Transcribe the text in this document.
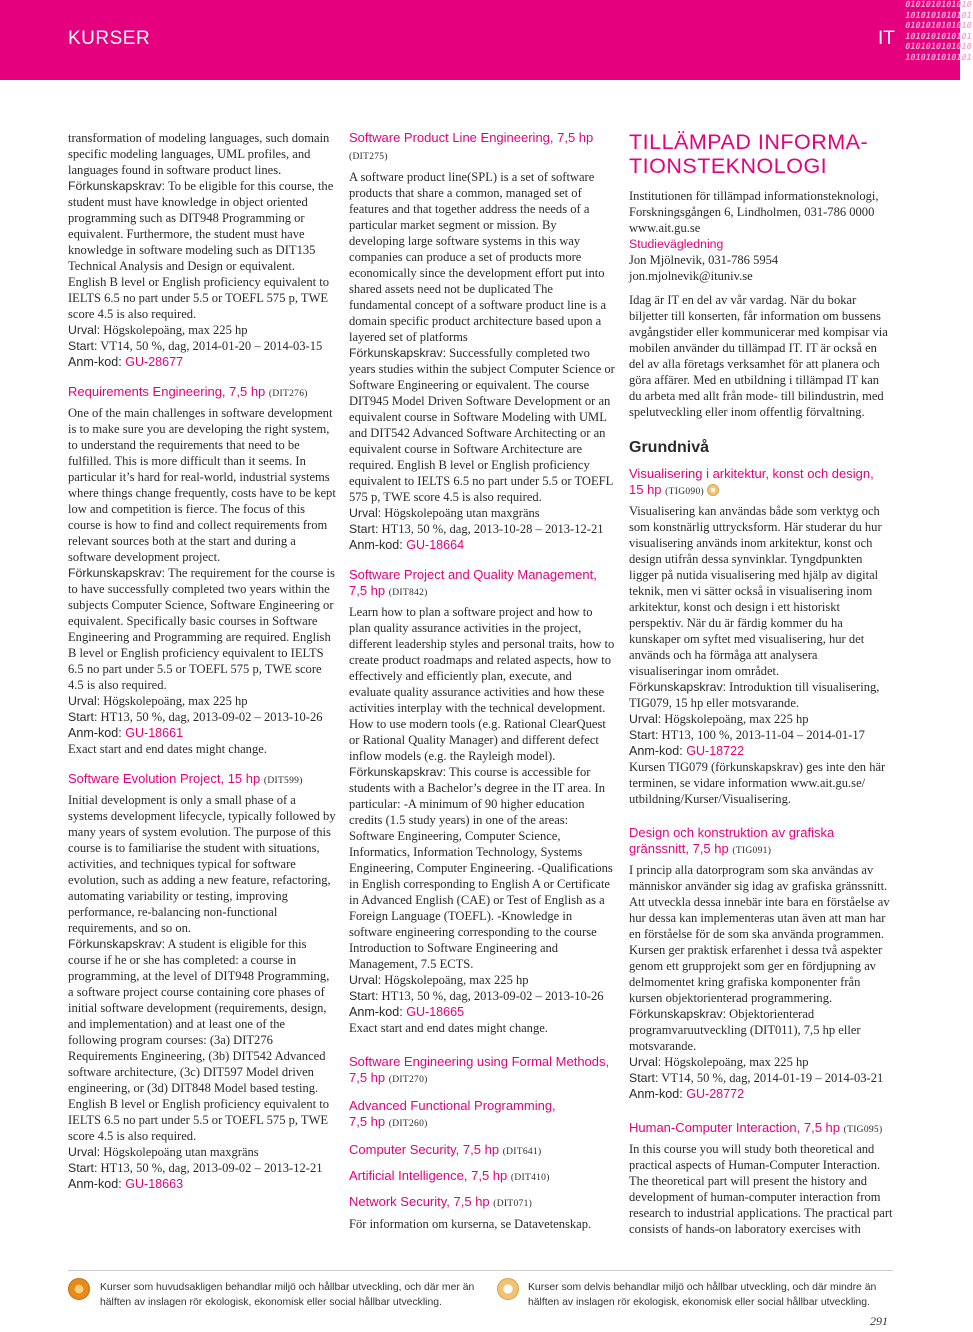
KURSER	IT
0101010101010
1010101010101
0101010101010
1010101010101
0101010101010
1010101010101

transformation of modeling languages, such domain specific modeling languages, UML profiles, and languages found in software product lines.

Förkunskapskrav: To be eligible for this course, the student must have knowledge in object oriented programming such as DIT948 Programming or equivalent. Furthermore, the student must have knowledge in software modeling such as DIT135 Technical Analysis and Design or equivalent. English B level or English proficiency equivalent to IELTS 6.5 no part under 5.5 or TOEFL 575 p, TWE score 4.5 is also required.

Urval: Högskolepoäng, max 225 hp

Start: VT14, 50 %, dag, 2014-01-20 – 2014-03-15

Anm-kod: GU-28677

Requirements Engineering, 7,5 hp (DIT276)

One of the main challenges in software development is to make sure you are developing the right system, to understand the requirements that need to be fulfilled. This is more difficult than it seems. In particular it’s hard for real-world, industrial systems where things change frequently, costs have to be kept low and competition is fierce. The focus of this course is how to find and collect requirements from relevant sources both at the start and during a software development project.

Förkunskapskrav: The requirement for the course is to have successfully completed two years within the subjects Computer Science, Software Engineering or equivalent. Specifically basic courses in Software Engineering and Programming are required. English B level or English proficiency equivalent to IELTS 6.5 no part under 5.5 or TOEFL 575 p, TWE score 4.5 is also required.

Urval: Högskolepoäng, max 225 hp

Start: HT13, 50 %, dag, 2013-09-02 – 2013-10-26

Anm-kod: GU-18661

Exact start and end dates might change.

Software Evolution Project, 15 hp (DIT599)

Initial development is only a small phase of a systems development lifecycle, typically followed by many years of system evolution. The purpose of this course is to familiarise the student with situations, activities, and techniques typical for software evolution, such as adding a new feature, refactoring, automating variability or testing, improving performance, re-balancing non-functional requirements, and so on.

Förkunskapskrav: A student is eligible for this course if he or she has completed: a course in programming, at the level of DIT948 Programming, a software project course containing core phases of initial software development (requirements, design, and implementation) and at least one of the following program courses: (3a) DIT276 Requirements Engineering, (3b) DIT542 Advanced software architecture, (3c) DIT597 Model driven engineering, or (3d) DIT848 Model based testing. English B level or English proficiency equivalent to IELTS 6.5 no part under 5.5 or TOEFL 575 p, TWE score 4.5 is also required.

Urval: Högskolepoäng utan maxgräns

Start: HT13, 50 %, dag, 2013-09-02 – 2013-12-21

Anm-kod: GU-18663

Software Product Line Engineering, 7,5 hp

(DIT275)

A software product line(SPL) is a set of software products that share a common, managed set of features and that together address the needs of a particular market segment or mission. By developing large software systems in this way companies can produce a set of products more economically since the development effort put into shared assets need not be duplicated The fundamental concept of a software product line is a domain specific product architecture based upon a layered set of platforms

Förkunskapskrav: Successfully completed two years studies within the subject Computer Science or Software Engineering or equivalent. The course DIT945 Model Driven Software Development or an equivalent course in Software Modeling with UML and DIT542 Advanced Software Architecting or an equivalent course in Software Architecture are required. English B level or English proficiency equivalent to IELTS 6.5 no part under 5.5 or TOEFL 575 p, TWE score 4.5 is also required.

Urval: Högskolepoäng utan maxgräns

Start: HT13, 50 %, dag, 2013-10-28 – 2013-12-21

Anm-kod: GU-18664

Software Project and Quality Management,
7,5 hp (DIT842)

Learn how to plan a software project and how to plan quality assurance activities in the project, different leadership styles and personal traits, how to create product roadmaps and related aspects, how to effectively and efficiently plan, execute, and evaluate quality assurance activities and how these activities interplay with the technical development. How to use modern tools (e.g. Rational ClearQuest or Rational Quality Manager) and different defect inflow models (e.g. the Rayleigh model).

Förkunskapskrav: This course is accessible for students with a Bachelor’s degree in the IT area. In particular: -A minimum of 90 higher education credits (1.5 study years) in one of the areas: Software Engineering, Computer Science, Informatics, Information Technology, Systems Engineering, Computer Engineering. -Qualifications in English corresponding to English A or Certificate in Advanced English (CAE) or Test of English as a Foreign Language (TOEFL). -Knowledge in software engineering corresponding to the course Introduction to Software Engineering and Management, 7.5 ECTS.

Urval: Högskolepoäng, max 225 hp

Start: HT13, 50 %, dag, 2013-09-02 – 2013-10-26

Anm-kod: GU-18665

Exact start and end dates might change.

Software Engineering using Formal Methods,
7,5 hp (DIT270)
Advanced Functional Programming,
7,5 hp (DIT260)
Computer Security, 7,5 hp (DIT641)
Artificial Intelligence, 7,5 hp (DIT410)
Network Security, 7,5 hp (DIT071)

För information om kurserna, se Datavetenskap.

TILLÄMPAD INFORMA-
TIONSTEKNOLOGI

Institutionen för tillämpad informationsteknologi, Forskningsgången 6, Lindholmen, 031-786 0000 www.ait.gu.se

Studievägledning

Jon Mjölnevik, 031-786 5954 jon.mjolnevik@ituniv.se

Idag är IT en del av vår vardag. När du bokar biljetter till konserten, får information om bussens avgångstider eller kommunicerar med kompisar via mobilen använder du tillämpad IT. IT är också en del av alla företags verksamhet för att planera och göra affärer. Med en utbildning i tillämpad IT kan du arbeta med allt från mode- till bilindustrin, med spelutveckling eller inom offentlig förvaltning.

Grundnivå
Visualisering i arkitektur, konst och design,
15 hp (TIG090)

Visualisering kan användas både som verktyg och som konstnärlig uttrycksform. Här studerar du hur visualisering används inom arkitektur, konst och design utifrån dessa synvinklar. Tyngdpunkten ligger på nutida visualisering med hjälp av digital teknik, men vi sätter också in visualisering inom arkitektur, konst och design i ett historiskt perspektiv. När du är färdig kommer du ha kunskaper om syftet med visualisering, hur det används och ha förmåga att analysera visualiseringar inom området.

Förkunskapskrav: Introduktion till visualisering, TIG079, 15 hp eller motsvarande.

Urval: Högskolepoäng, max 225 hp

Start: HT13, 100 %, 2013-11-04 – 2014-01-17

Anm-kod: GU-18722

Kursen TIG079 (förkunskapskrav) ges inte den här terminen, se vidare information www.ait.gu.se/ utbildning/Kurser/Visualisering.

Design och konstruktion av grafiska
gränssnitt, 7,5 hp (TIG091)

I princip alla datorprogram som ska användas av människor använder sig idag av grafiska gränssnitt. Att utveckla dessa innebär inte bara en förståelse av hur dessa kan implementeras utan även att man har en förståelse för de som ska använda programmen. Kursen ger praktisk erfarenhet i dessa två aspekter genom ett grupprojekt som ger en fördjupning av delmomentet kring grafiska komponenter från kursen objektorienterad programmering.

Förkunskapskrav: Objektorienterad programvaruutveckling (DIT011), 7,5 hp eller motsvarande.

Urval: Högskolepoäng, max 225 hp

Start: VT14, 50 %, dag, 2014-01-19 – 2014-03-21

Anm-kod: GU-28772

Human-Computer Interaction, 7,5 hp (TIG095)

In this course you will study both theoretical and practical aspects of Human-Computer Interaction. The theoretical part will present the history and development of human-computer interaction from research to industrial applications. The practical part consists of hands-on laboratory exercises with

Kurser som huvudsakligen behandlar miljö och hållbar utveckling, och där mer än hälften av inslagen rör ekologisk, ekonomisk eller social hållbar utveckling.
Kurser som delvis behandlar miljö och hållbar utveckling, och där mindre än hälften av inslagen rör ekologisk, ekonomisk eller social hållbar utveckling.
291
